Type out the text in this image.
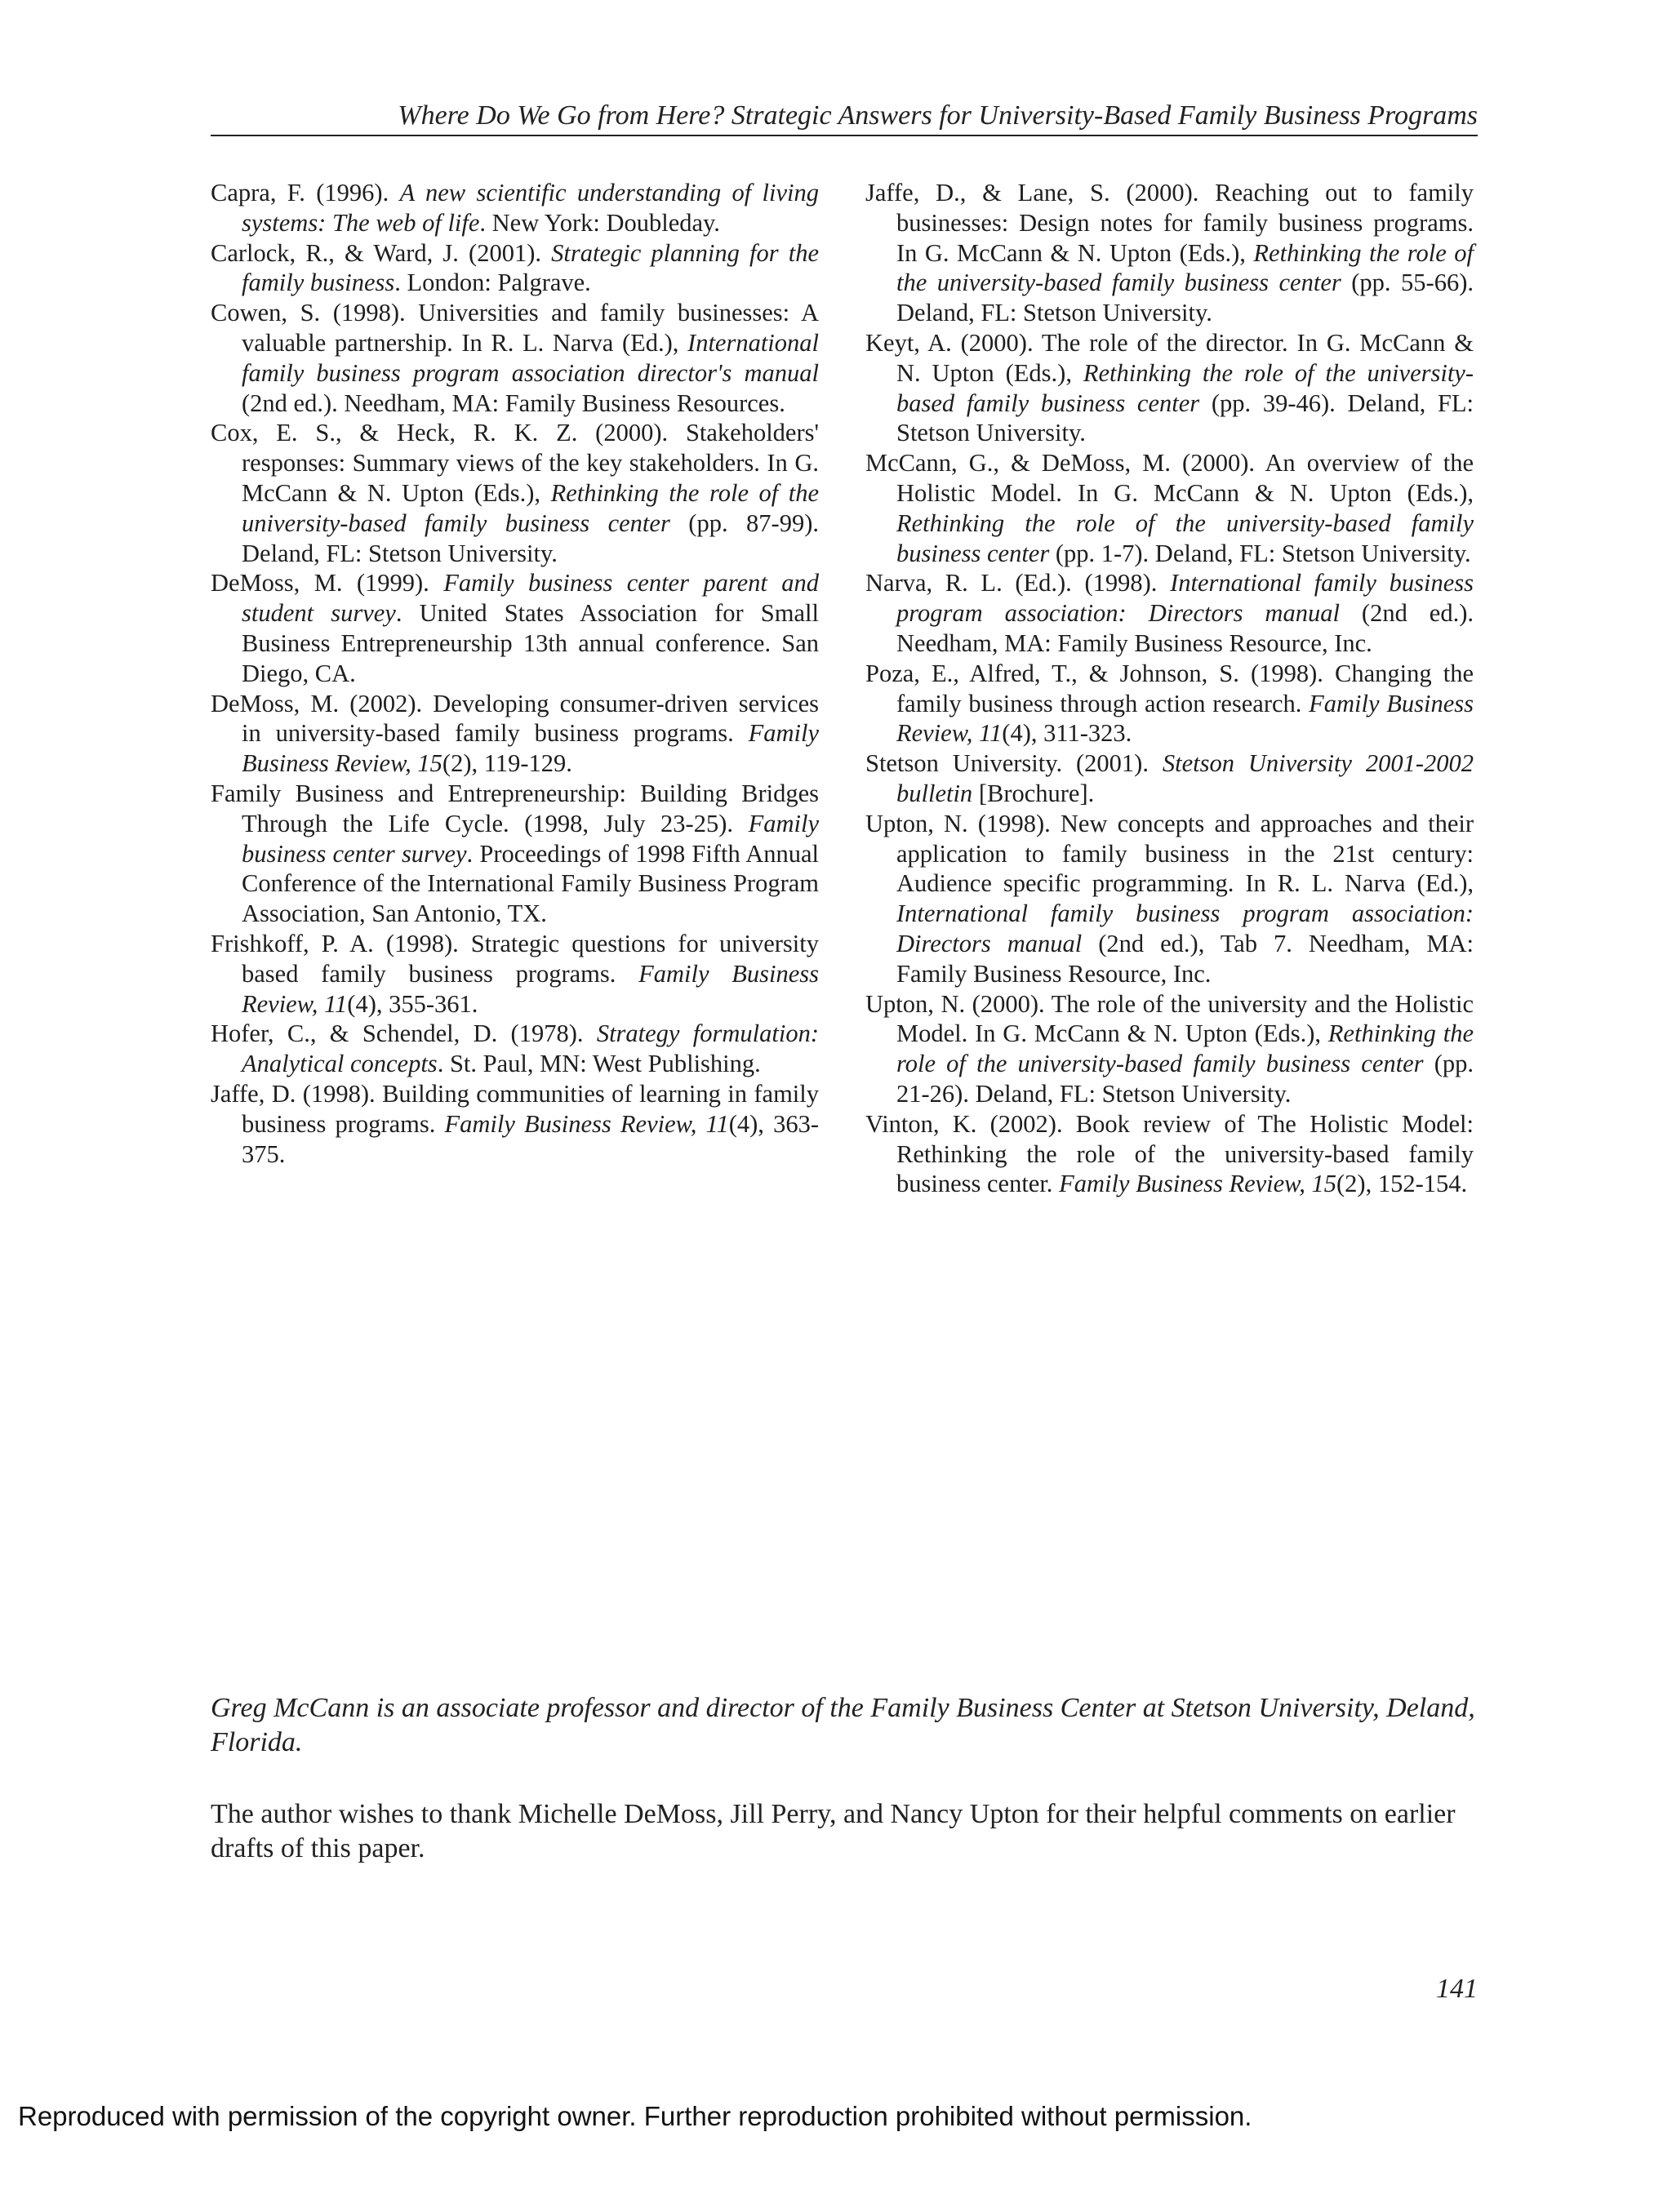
Where Do We Go from Here? Strategic Answers for University-Based Family Business Programs

Capra, F. (1996). A new scientific understanding of living systems: The web of life. New York: Doubleday.

Carlock, R., & Ward, J. (2001). Strategic planning for the family business. London: Palgrave.

Cowen, S. (1998). Universities and family businesses: A valuable partnership. In R. L. Narva (Ed.), International family business program association director's manual (2nd ed.). Needham, MA: Family Business Resources.

Cox, E. S., & Heck, R. K. Z. (2000). Stakeholders' responses: Summary views of the key stakeholders. In G. McCann & N. Upton (Eds.), Rethinking the role of the university-based family business center (pp. 87-99). Deland, FL: Stetson University.

DeMoss, M. (1999). Family business center parent and student survey. United States Association for Small Business Entrepreneurship 13th annual conference. San Diego, CA.

DeMoss, M. (2002). Developing consumer-driven services in university-based family business programs. Family Business Review, 15(2), 119-129.

Family Business and Entrepreneurship: Building Bridges Through the Life Cycle. (1998, July 23-25). Family business center survey. Proceedings of 1998 Fifth Annual Conference of the International Family Business Program Association, San Antonio, TX.

Frishkoff, P. A. (1998). Strategic questions for university based family business programs. Family Business Review, 11(4), 355-361.

Hofer, C., & Schendel, D. (1978). Strategy formulation: Analytical concepts. St. Paul, MN: West Publishing.

Jaffe, D. (1998). Building communities of learning in family business programs. Family Business Review, 11(4), 363-375.

Jaffe, D., & Lane, S. (2000). Reaching out to family businesses: Design notes for family business programs. In G. McCann & N. Upton (Eds.), Rethinking the role of the university-based family business center (pp. 55-66). Deland, FL: Stetson University.

Keyt, A. (2000). The role of the director. In G. McCann & N. Upton (Eds.), Rethinking the role of the university-based family business center (pp. 39-46). Deland, FL: Stetson University.

McCann, G., & DeMoss, M. (2000). An overview of the Holistic Model. In G. McCann & N. Upton (Eds.), Rethinking the role of the university-based family business center (pp. 1-7). Deland, FL: Stetson University.

Narva, R. L. (Ed.). (1998). International family business program association: Directors manual (2nd ed.). Needham, MA: Family Business Resource, Inc.

Poza, E., Alfred, T., & Johnson, S. (1998). Changing the family business through action research. Family Business Review, 11(4), 311-323.

Stetson University. (2001). Stetson University 2001-2002 bulletin [Brochure].

Upton, N. (1998). New concepts and approaches and their application to family business in the 21st century: Audience specific programming. In R. L. Narva (Ed.), International family business program association: Directors manual (2nd ed.), Tab 7. Needham, MA: Family Business Resource, Inc.

Upton, N. (2000). The role of the university and the Holistic Model. In G. McCann & N. Upton (Eds.), Rethinking the role of the university-based family business center (pp. 21-26). Deland, FL: Stetson University.

Vinton, K. (2002). Book review of The Holistic Model: Rethinking the role of the university-based family business center. Family Business Review, 15(2), 152-154.

Greg McCann is an associate professor and director of the Family Business Center at Stetson University, Deland, Florida.

The author wishes to thank Michelle DeMoss, Jill Perry, and Nancy Upton for their helpful comments on earlier drafts of this paper.

141
Reproduced with permission of the copyright owner. Further reproduction prohibited without permission.
